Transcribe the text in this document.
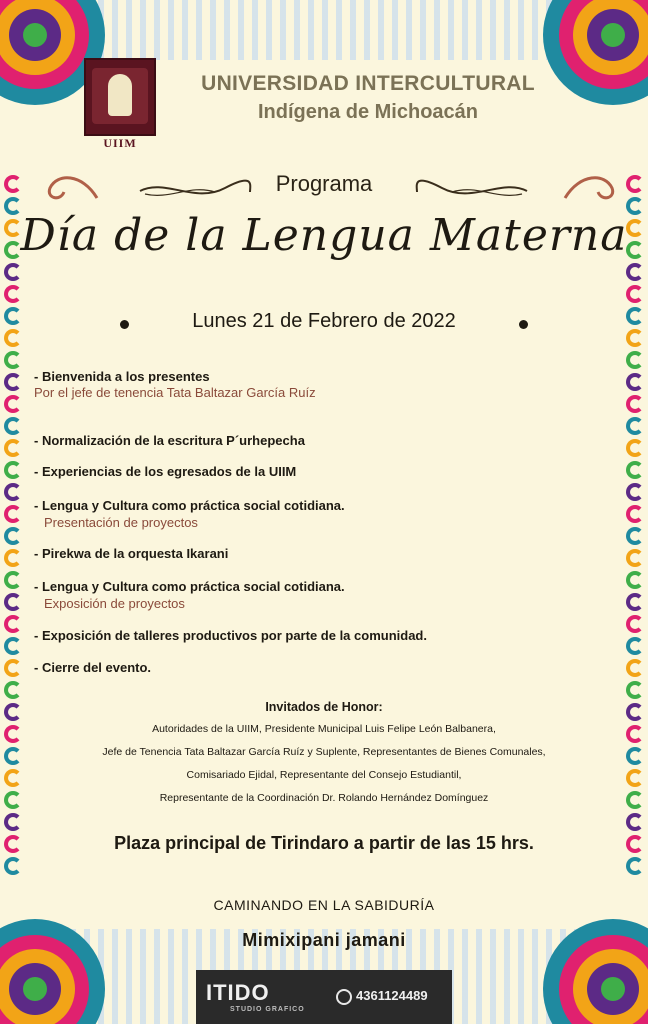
UIIM
UNIVERSIDAD INTERCULTURAL
Indígena de Michoacán
Programa
Día de la Lengua Materna
Lunes 21 de Febrero de 2022
- Bienvenida a los presentes
Por el jefe de tenencia Tata Baltazar García Ruíz
- Normalización de la escritura P´urhepecha
- Experiencias de los egresados de la UIIM
- Lengua y Cultura como práctica social cotidiana.
Presentación de proyectos
- Pirekwa de la orquesta Ikarani
- Lengua y Cultura como práctica social cotidiana.
Exposición de proyectos
- Exposición de talleres productivos por parte de la comunidad.
- Cierre del evento.
Invitados de Honor:
Autoridades de la UIIM, Presidente Municipal Luis Felipe León Balbanera,
Jefe de Tenencia Tata Baltazar García Ruíz y Suplente, Representantes de Bienes Comunales,
Comisariado Ejidal, Representante del Consejo Estudiantil,
Representante de la Coordinación Dr. Rolando Hernández Domínguez
Plaza principal de Tirindaro a partir de las 15 hrs.
CAMINANDO EN LA SABIDURÍA
Mimixipani jamani
ITIDO
STUDIO GRAFICO
4361124489
